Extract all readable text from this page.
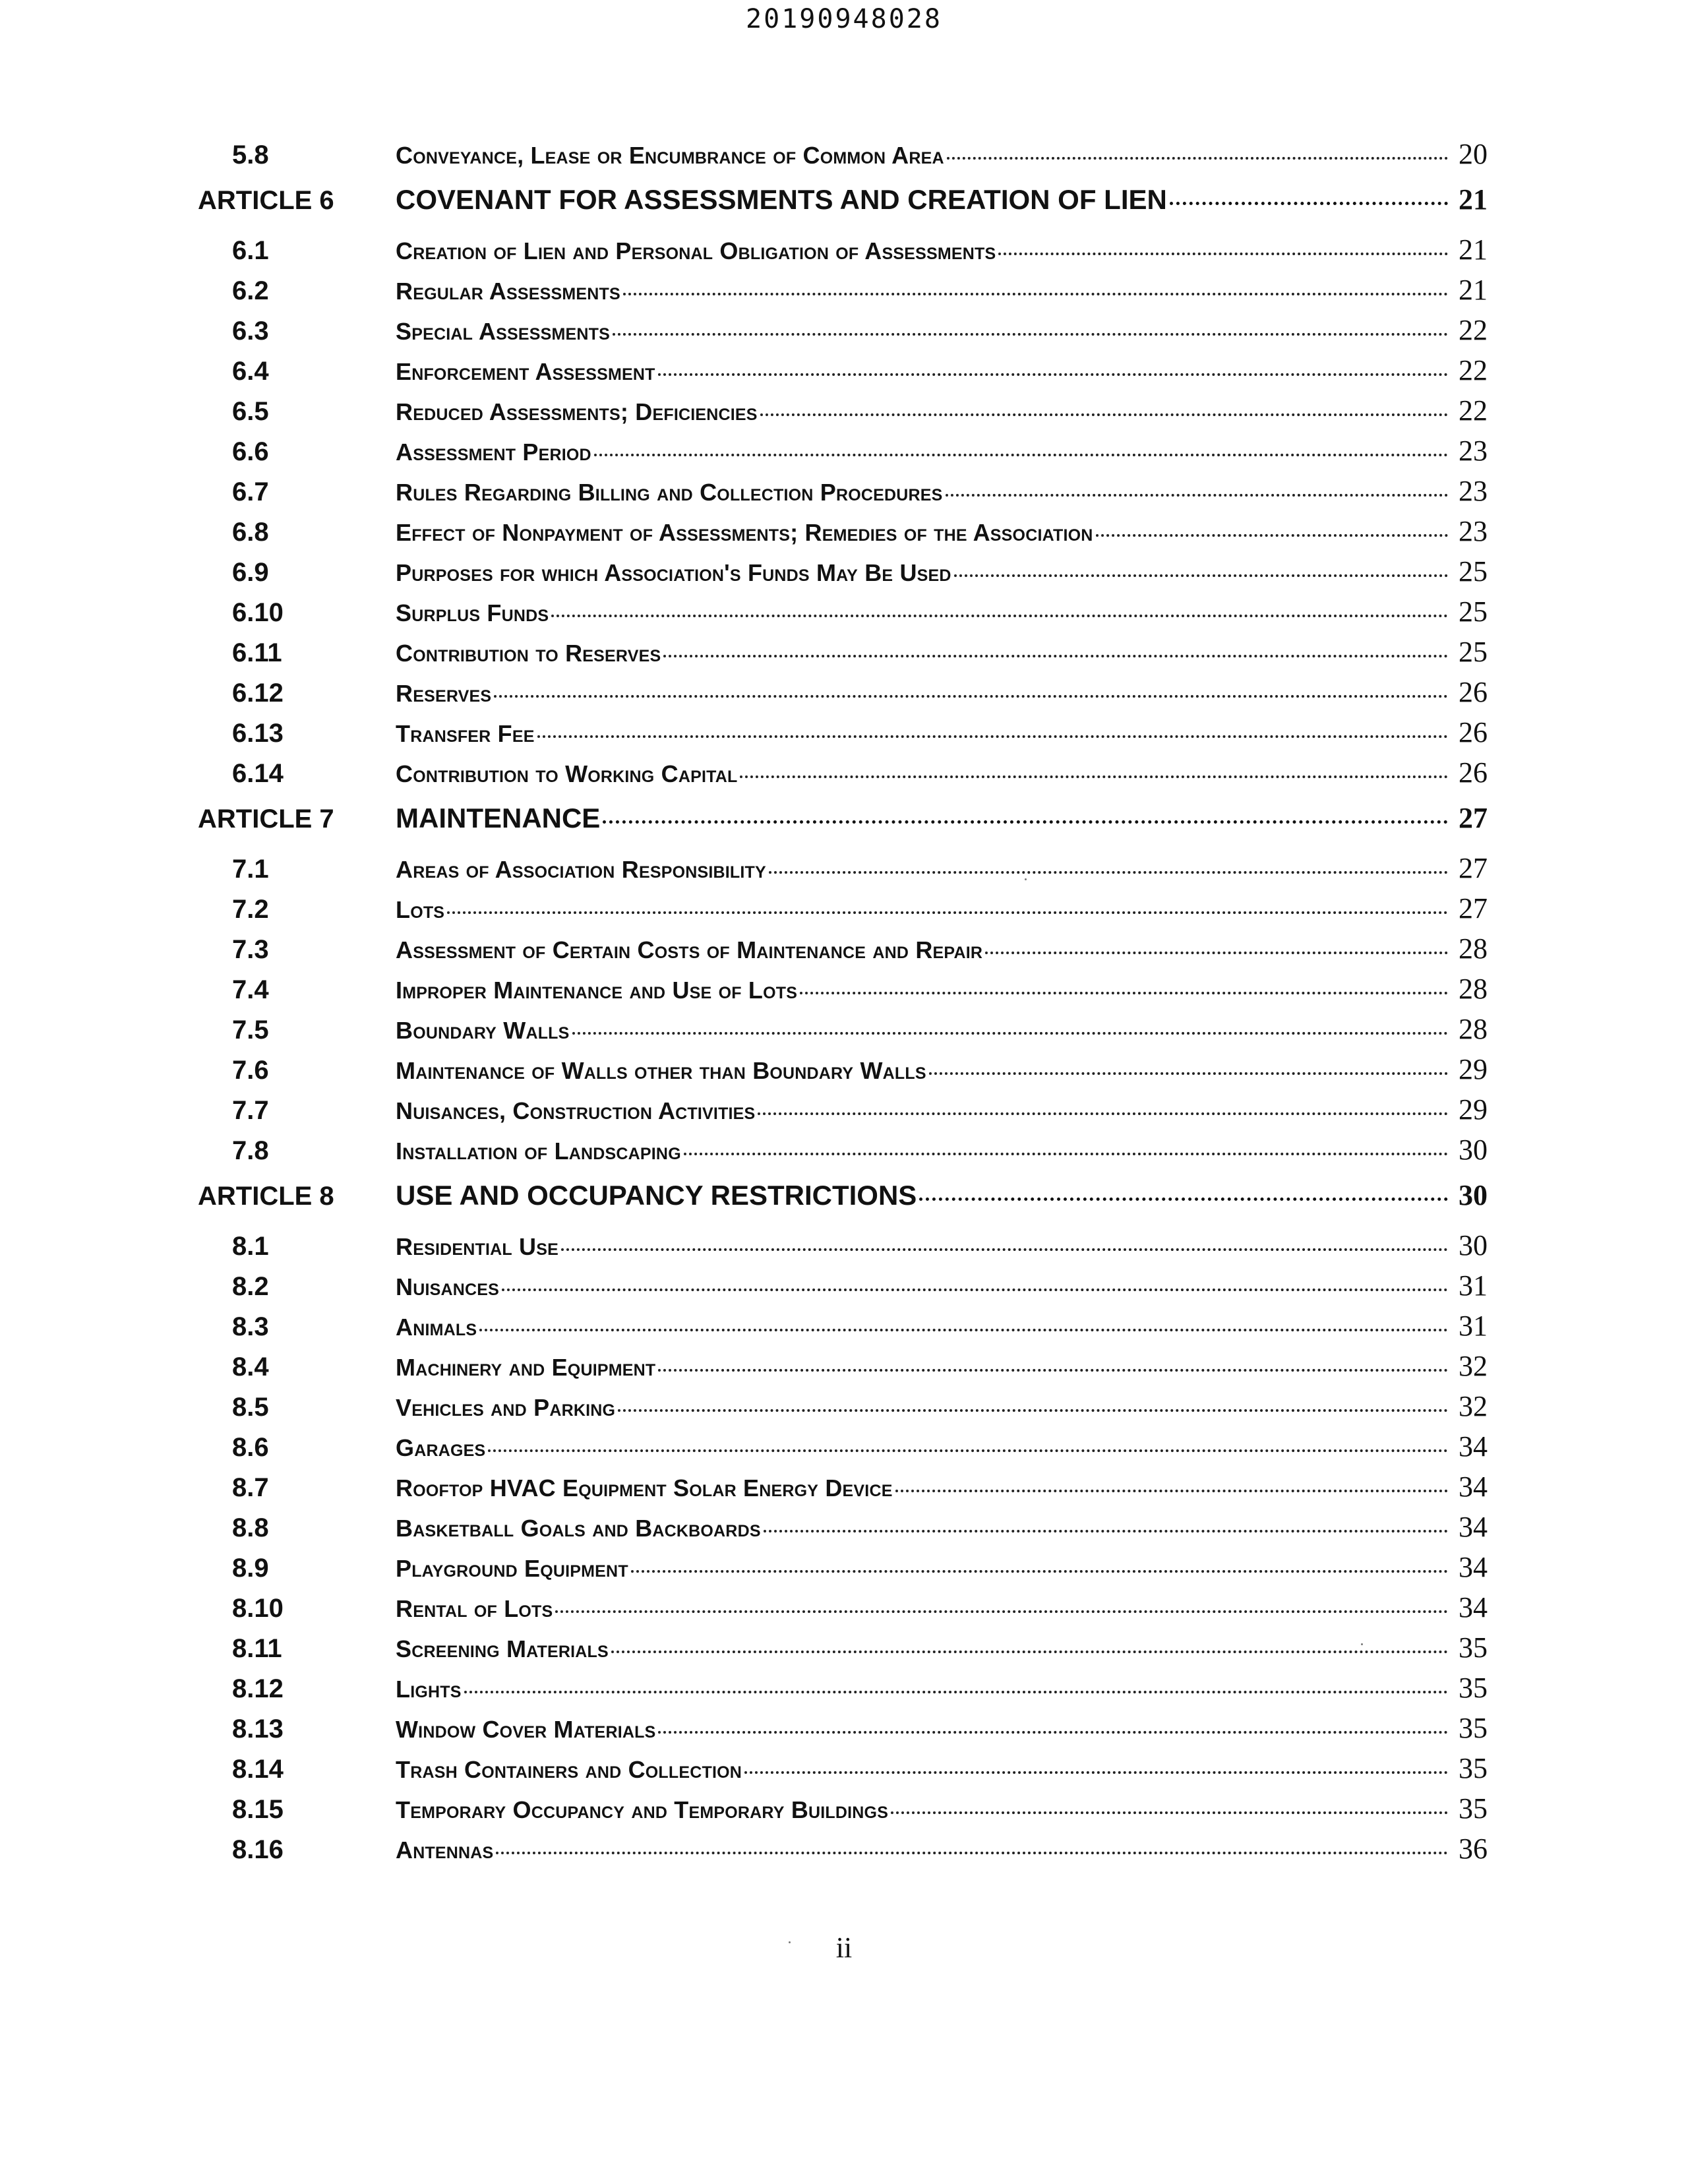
20190948028
5.8	Conveyance, Lease or Encumbrance of Common Area	20
ARTICLE 6	COVENANT FOR ASSESSMENTS AND CREATION OF LIEN	21
6.1	Creation of Lien and Personal Obligation of Assessments	21
6.2	Regular Assessments	21
6.3	Special Assessments	22
6.4	Enforcement Assessment	22
6.5	Reduced Assessments; Deficiencies	22
6.6	Assessment Period	23
6.7	Rules Regarding Billing and Collection Procedures	23
6.8	Effect of Nonpayment of Assessments; Remedies of the Association	23
6.9	Purposes for which Association's Funds May Be Used	25
6.10	Surplus Funds	25
6.11	Contribution to Reserves	25
6.12	Reserves	26
6.13	Transfer Fee	26
6.14	Contribution to Working Capital	26
ARTICLE 7	MAINTENANCE	27
7.1	Areas of Association Responsibility	27
7.2	Lots	27
7.3	Assessment of Certain Costs of Maintenance and Repair	28
7.4	Improper Maintenance and Use of Lots	28
7.5	Boundary Walls	28
7.6	Maintenance of Walls other than Boundary Walls	29
7.7	Nuisances, Construction Activities	29
7.8	Installation of Landscaping	30
ARTICLE 8	USE AND OCCUPANCY RESTRICTIONS	30
8.1	Residential Use	30
8.2	Nuisances	31
8.3	Animals	31
8.4	Machinery and Equipment	32
8.5	Vehicles and Parking	32
8.6	Garages	34
8.7	Rooftop HVAC Equipment Solar Energy Device	34
8.8	Basketball Goals and Backboards	34
8.9	Playground Equipment	34
8.10	Rental of Lots	34
8.11	Screening Materials	35
8.12	Lights	35
8.13	Window Cover Materials	35
8.14	Trash Containers and Collection	35
8.15	Temporary Occupancy and Temporary Buildings	35
8.16	Antennas	36
ii
